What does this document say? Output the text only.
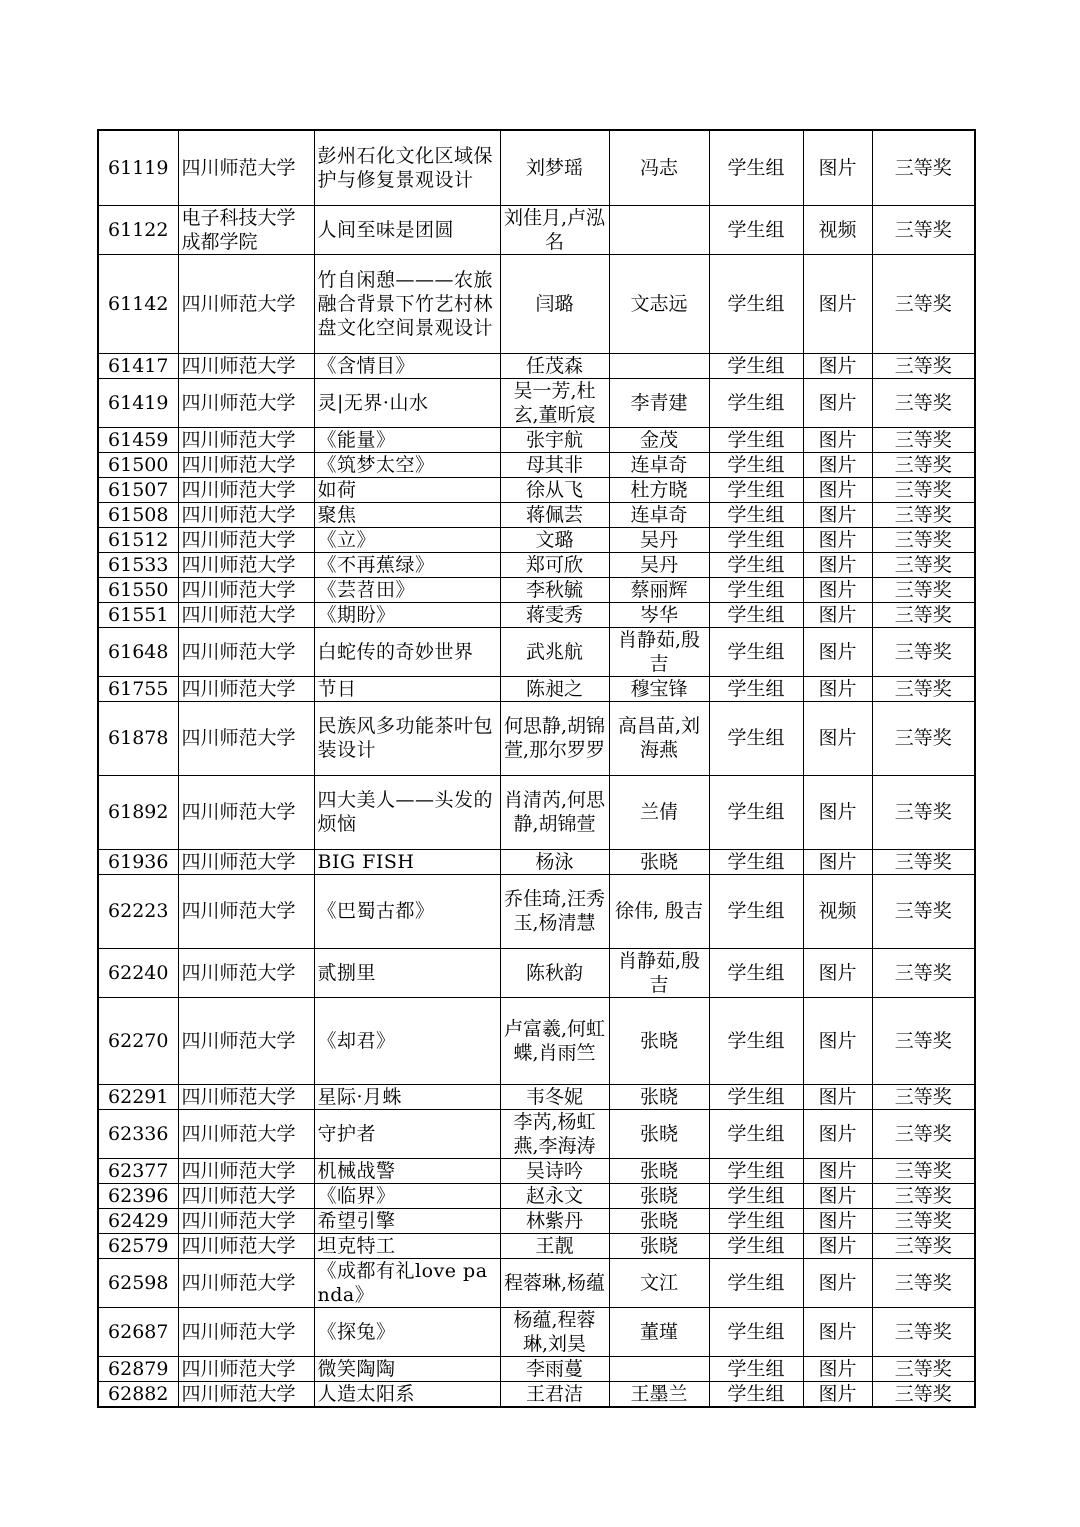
61119	四川师范大学	彭州石化文化区域保护与修复景观设计	刘梦瑶	冯志	学生组	图片	三等奖
61122	电子科技大学成都学院	人间至味是团圆	刘佳月,卢泓名		学生组	视频	三等奖
61142	四川师范大学	竹自闲憩———农旅融合背景下竹艺村林盘文化空间景观设计	闫璐	文志远	学生组	图片	三等奖
61417	四川师范大学	《含情目》	任茂森		学生组	图片	三等奖
61419	四川师范大学	灵|无界·山水	吴一芳,杜玄,董昕宸	李青建	学生组	图片	三等奖
61459	四川师范大学	《能量》	张宇航	金茂	学生组	图片	三等奖
61500	四川师范大学	《筑梦太空》	母其非	连卓奇	学生组	图片	三等奖
61507	四川师范大学	如荷	徐从飞	杜方晓	学生组	图片	三等奖
61508	四川师范大学	聚焦	蒋佩芸	连卓奇	学生组	图片	三等奖
61512	四川师范大学	《立》	文璐	吴丹	学生组	图片	三等奖
61533	四川师范大学	《不再蕉绿》	郑可欣	吴丹	学生组	图片	三等奖
61550	四川师范大学	《芸苕田》	李秋毓	蔡丽辉	学生组	图片	三等奖
61551	四川师范大学	《期盼》	蒋雯秀	岑华	学生组	图片	三等奖
61648	四川师范大学	白蛇传的奇妙世界	武兆航	肖静茹,殷吉	学生组	图片	三等奖
61755	四川师范大学	节日	陈昶之	穆宝锋	学生组	图片	三等奖
61878	四川师范大学	民族风多功能茶叶包装设计	何思静,胡锦萱,那尔罗罗	高昌苗,刘海燕	学生组	图片	三等奖
61892	四川师范大学	四大美人——头发的烦恼	肖清芮,何思静,胡锦萱	兰倩	学生组	图片	三等奖
61936	四川师范大学	BIG FISH	杨泳	张晓	学生组	图片	三等奖
62223	四川师范大学	《巴蜀古都》	乔佳琦,汪秀玉,杨清慧	徐伟, 殷吉	学生组	视频	三等奖
62240	四川师范大学	贰捌里	陈秋韵	肖静茹,殷吉	学生组	图片	三等奖
62270	四川师范大学	《却君》	卢富羲,何虹蝶,肖雨竺	张晓	学生组	图片	三等奖
62291	四川师范大学	星际·月蛛	韦冬妮	张晓	学生组	图片	三等奖
62336	四川师范大学	守护者	李芮,杨虹燕,李海涛	张晓	学生组	图片	三等奖
62377	四川师范大学	机械战警	吴诗吟	张晓	学生组	图片	三等奖
62396	四川师范大学	《临界》	赵永文	张晓	学生组	图片	三等奖
62429	四川师范大学	希望引擎	林紫丹	张晓	学生组	图片	三等奖
62579	四川师范大学	坦克特工	王靓	张晓	学生组	图片	三等奖
62598	四川师范大学	《成都有礼love panda》	程蓉琳,杨蕴	文江	学生组	图片	三等奖
62687	四川师范大学	《探兔》	杨蕴,程蓉琳,刘昊	董瑾	学生组	图片	三等奖
62879	四川师范大学	微笑陶陶	李雨蔓		学生组	图片	三等奖
62882	四川师范大学	人造太阳系	王君洁	王墨兰	学生组	图片	三等奖
